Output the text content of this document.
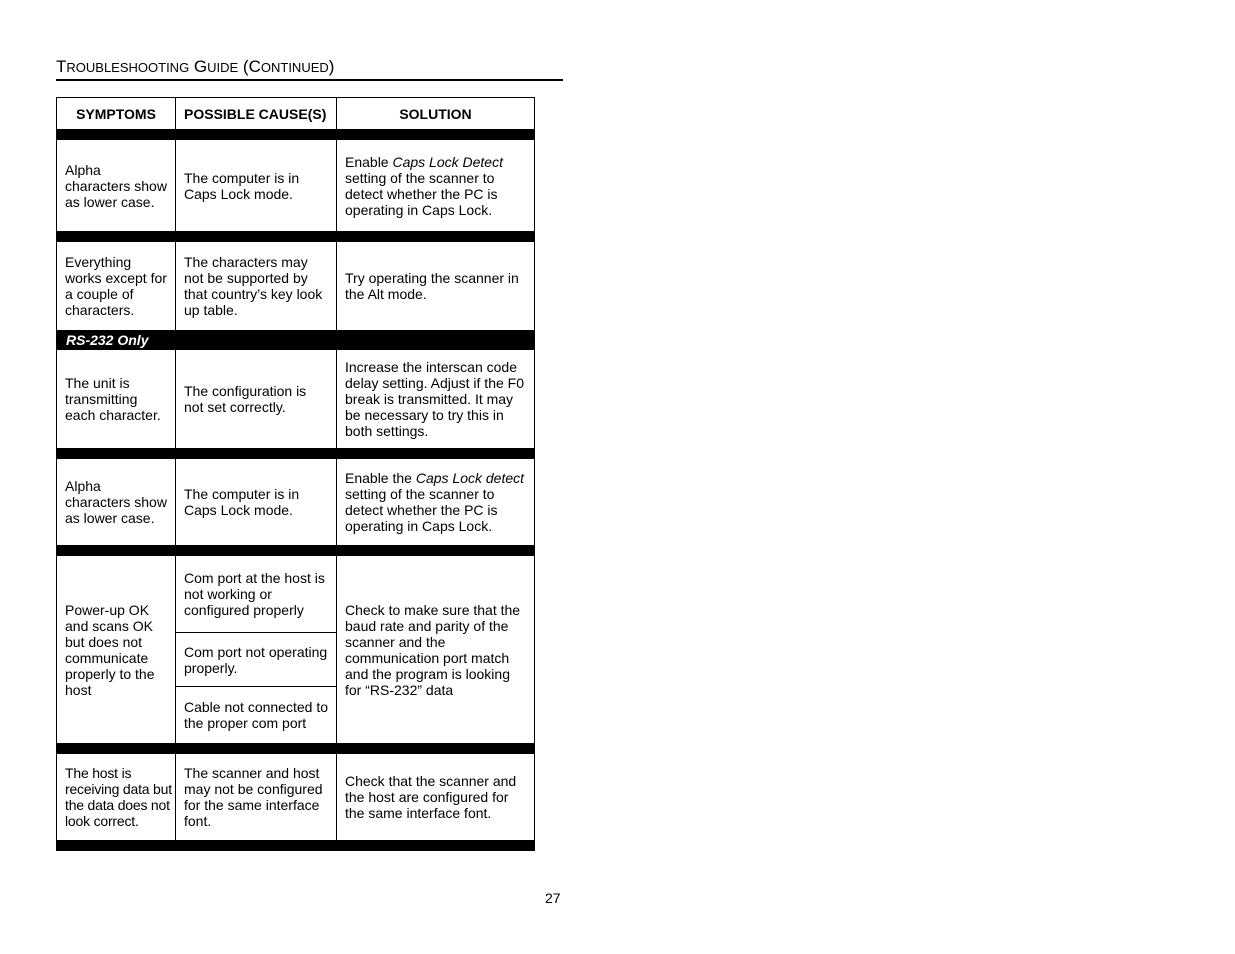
TROUBLESHOOTING GUIDE (CONTINUED)
SYMPTOMS	POSSIBLE CAUSE(S)	SOLUTION

Alpha characters show as lower case.	The computer is in Caps Lock mode.	Enable Caps Lock Detect setting of the scanner to detect whether the PC is operating in Caps Lock.

Everything works except for a couple of characters.	The characters may not be supported by that country’s key look up table.	Try operating the scanner in the Alt mode.
RS-232 Only		
The unit is transmitting each character.	The configuration is not set correctly.	Increase the interscan code delay setting. Adjust if the F0 break is transmitted. It may be necessary to try this in both settings.

Alpha characters show as lower case.	The computer is in Caps Lock mode.	Enable the Caps Lock detect setting of the scanner to detect whether the PC is operating in Caps Lock.

Power-up OK and scans OK but does not communicate properly to the host	Com port at the host is not working or configured properly	Check to make sure that the baud rate and parity of the scanner and the communication port match and the program is looking for “RS-232” data
	Com port not operating properly.	
	Cable not connected to the proper com port	

The host is receiving data but the data does not look correct.	The scanner and host may not be configured for the same interface font.	Check that the scanner and the host are configured for the same interface font.

27
